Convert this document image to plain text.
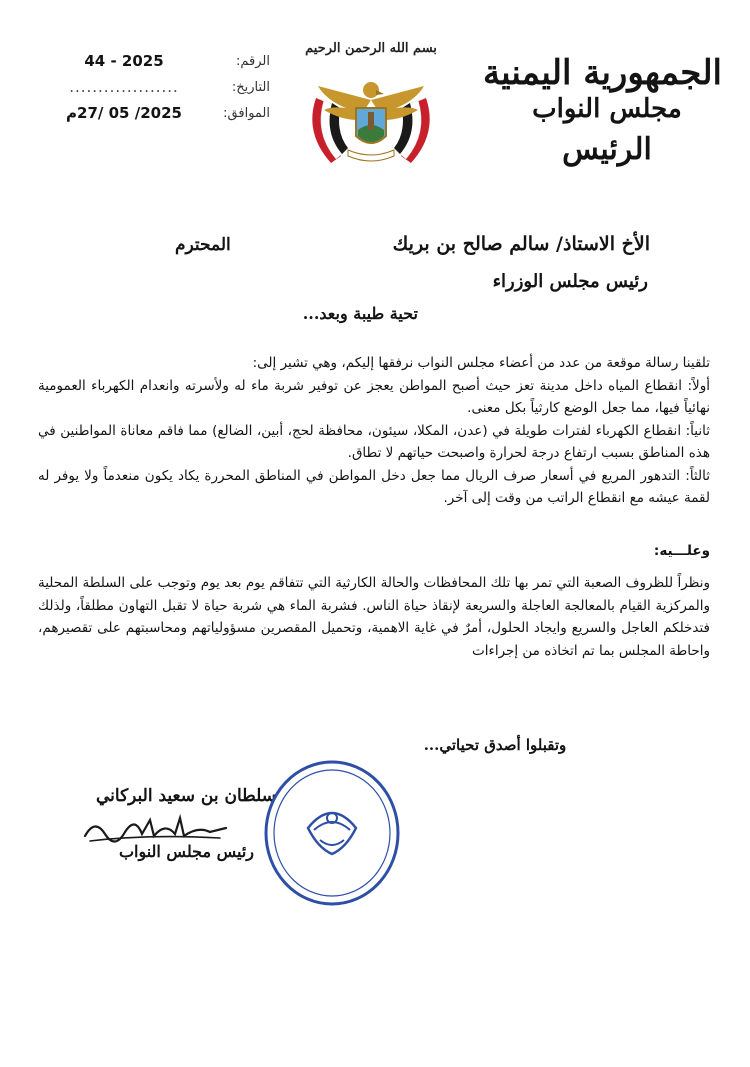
الجمهورية اليمنية
مجلس النواب
الرئيس
بسم الله الرحمن الرحيم
الرقم:
44 - 2025
التاريخ:
...................
الموافق:
2025/ 05 /27م
الأخ الاستاذ/ سالم صالح بن بريك
المحترم
رئيس مجلس الوزراء
تحية طيبة وبعد...

تلقينا رسالة موقعة من عدد من أعضاء مجلس النواب نرفقها إليكم، وهي تشير إلى:

أولاً: انقطاع المياه داخل مدينة تعز حيث أصبح المواطن يعجز عن توفير شربة ماء له ولأسرته وانعدام الكهرباء العمومية نهائياً فيها، مما جعل الوضع كارثياً بكل معنى.

ثانياً: انقطاع الكهرباء لفترات طويلة في (عدن، المكلا، سيئون، محافظة لحج، أبين، الضالع) مما فاقم معاناة المواطنين في هذه المناطق بسبب ارتفاع درجة لحرارة واصبحت حياتهم لا تطاق.

ثالثاً: التدهور المريع في أسعار صرف الريال مما جعل دخل المواطن في المناطق المحررة يكاد يكون منعدماً ولا يوفر له لقمة عيشه مع انقطاع الراتب من وقت إلى آخر.

وعلـــيه:

ونظراً للظروف الصعبة التي تمر بها تلك المحافظات والحالة الكارثية التي تتفاقم يوم بعد يوم وتوجب على السلطة المحلية والمركزية القيام بالمعالجة العاجلة والسريعة لإنقاذ حياة الناس. فشربة الماء هي شربة حياة لا تقبل التهاون مطلقاً، ولذلك فتدخلكم العاجل والسريع وايجاد الحلول، أمرٌ في غاية الاهمية، وتحميل المقصرين مسؤولياتهم ومحاسبتهم على تقصيرهم، واحاطة المجلس بما تم اتخاذه من إجراءات

وتقبلوا أصدق تحياتي...
سلطان بن سعيد البركاني
رئيس مجلس النواب
